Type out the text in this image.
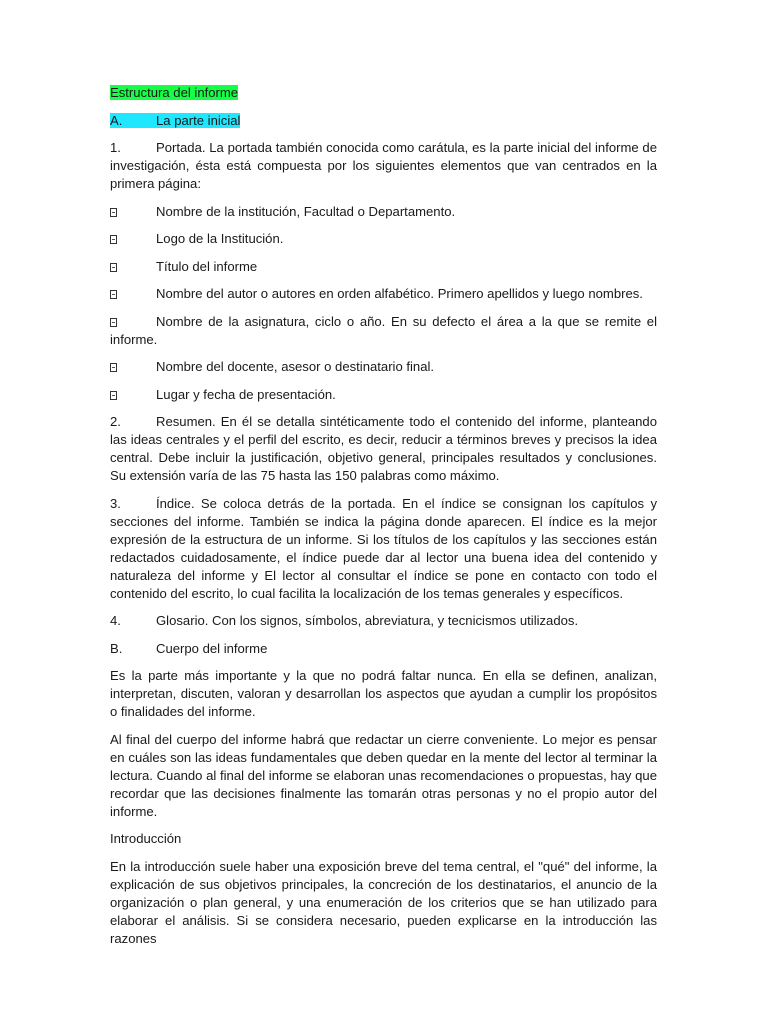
Estructura del informe

A.	La parte inicial

1.	Portada. La portada también conocida como carátula, es la parte inicial del informe de investigación, ésta está compuesta por los siguientes elementos que van centrados en la primera página:

Nombre de la institución, Facultad o Departamento.

Logo de la Institución.

Título del informe

Nombre del autor o autores en orden alfabético. Primero apellidos y luego nombres.

Nombre de la asignatura, ciclo o año. En su defecto el área a la que se remite el informe.

Nombre del docente, asesor o destinatario final.

Lugar y fecha de presentación.

2.	Resumen. En él se detalla sintéticamente todo el contenido del informe, planteando las ideas centrales y el perfil del escrito, es decir, reducir a términos breves y precisos la idea central. Debe incluir la justificación, objetivo general, principales resultados y conclusiones. Su extensión varía de las 75 hasta las 150 palabras como máximo.

3.	Índice. Se coloca detrás de la portada. En el índice se consignan los capítulos y secciones del informe. También se indica la página donde aparecen. El índice es la mejor expresión de la estructura de un informe. Si los títulos de los capítulos y las secciones están redactados cuidadosamente, el índice puede dar al lector una buena idea del contenido y naturaleza del informe y El lector al consultar el índice se pone en contacto con todo el contenido del escrito, lo cual facilita la localización de los temas generales y específicos.

4.	Glosario. Con los signos, símbolos, abreviatura, y tecnicismos utilizados.

B.	Cuerpo del informe

Es la parte más importante y la que no podrá faltar nunca. En ella se definen, analizan, interpretan, discuten, valoran y desarrollan los aspectos que ayudan a cumplir los propósitos o finalidades del informe.

Al final del cuerpo del informe habrá que redactar un cierre conveniente. Lo mejor es pensar en cuáles son las ideas fundamentales que deben quedar en la mente del lector al terminar la lectura. Cuando al final del informe se elaboran unas recomendaciones o propuestas, hay que recordar que las decisiones finalmente las tomarán otras personas y no el propio autor del informe.

Introducción

En la introducción suele haber una exposición breve del tema central, el "qué" del informe, la explicación de sus objetivos principales, la concreción de los destinatarios, el anuncio de la organización o plan general, y una enumeración de los criterios que se han utilizado para elaborar el análisis. Si se considera necesario, pueden explicarse en la introducción las razones
